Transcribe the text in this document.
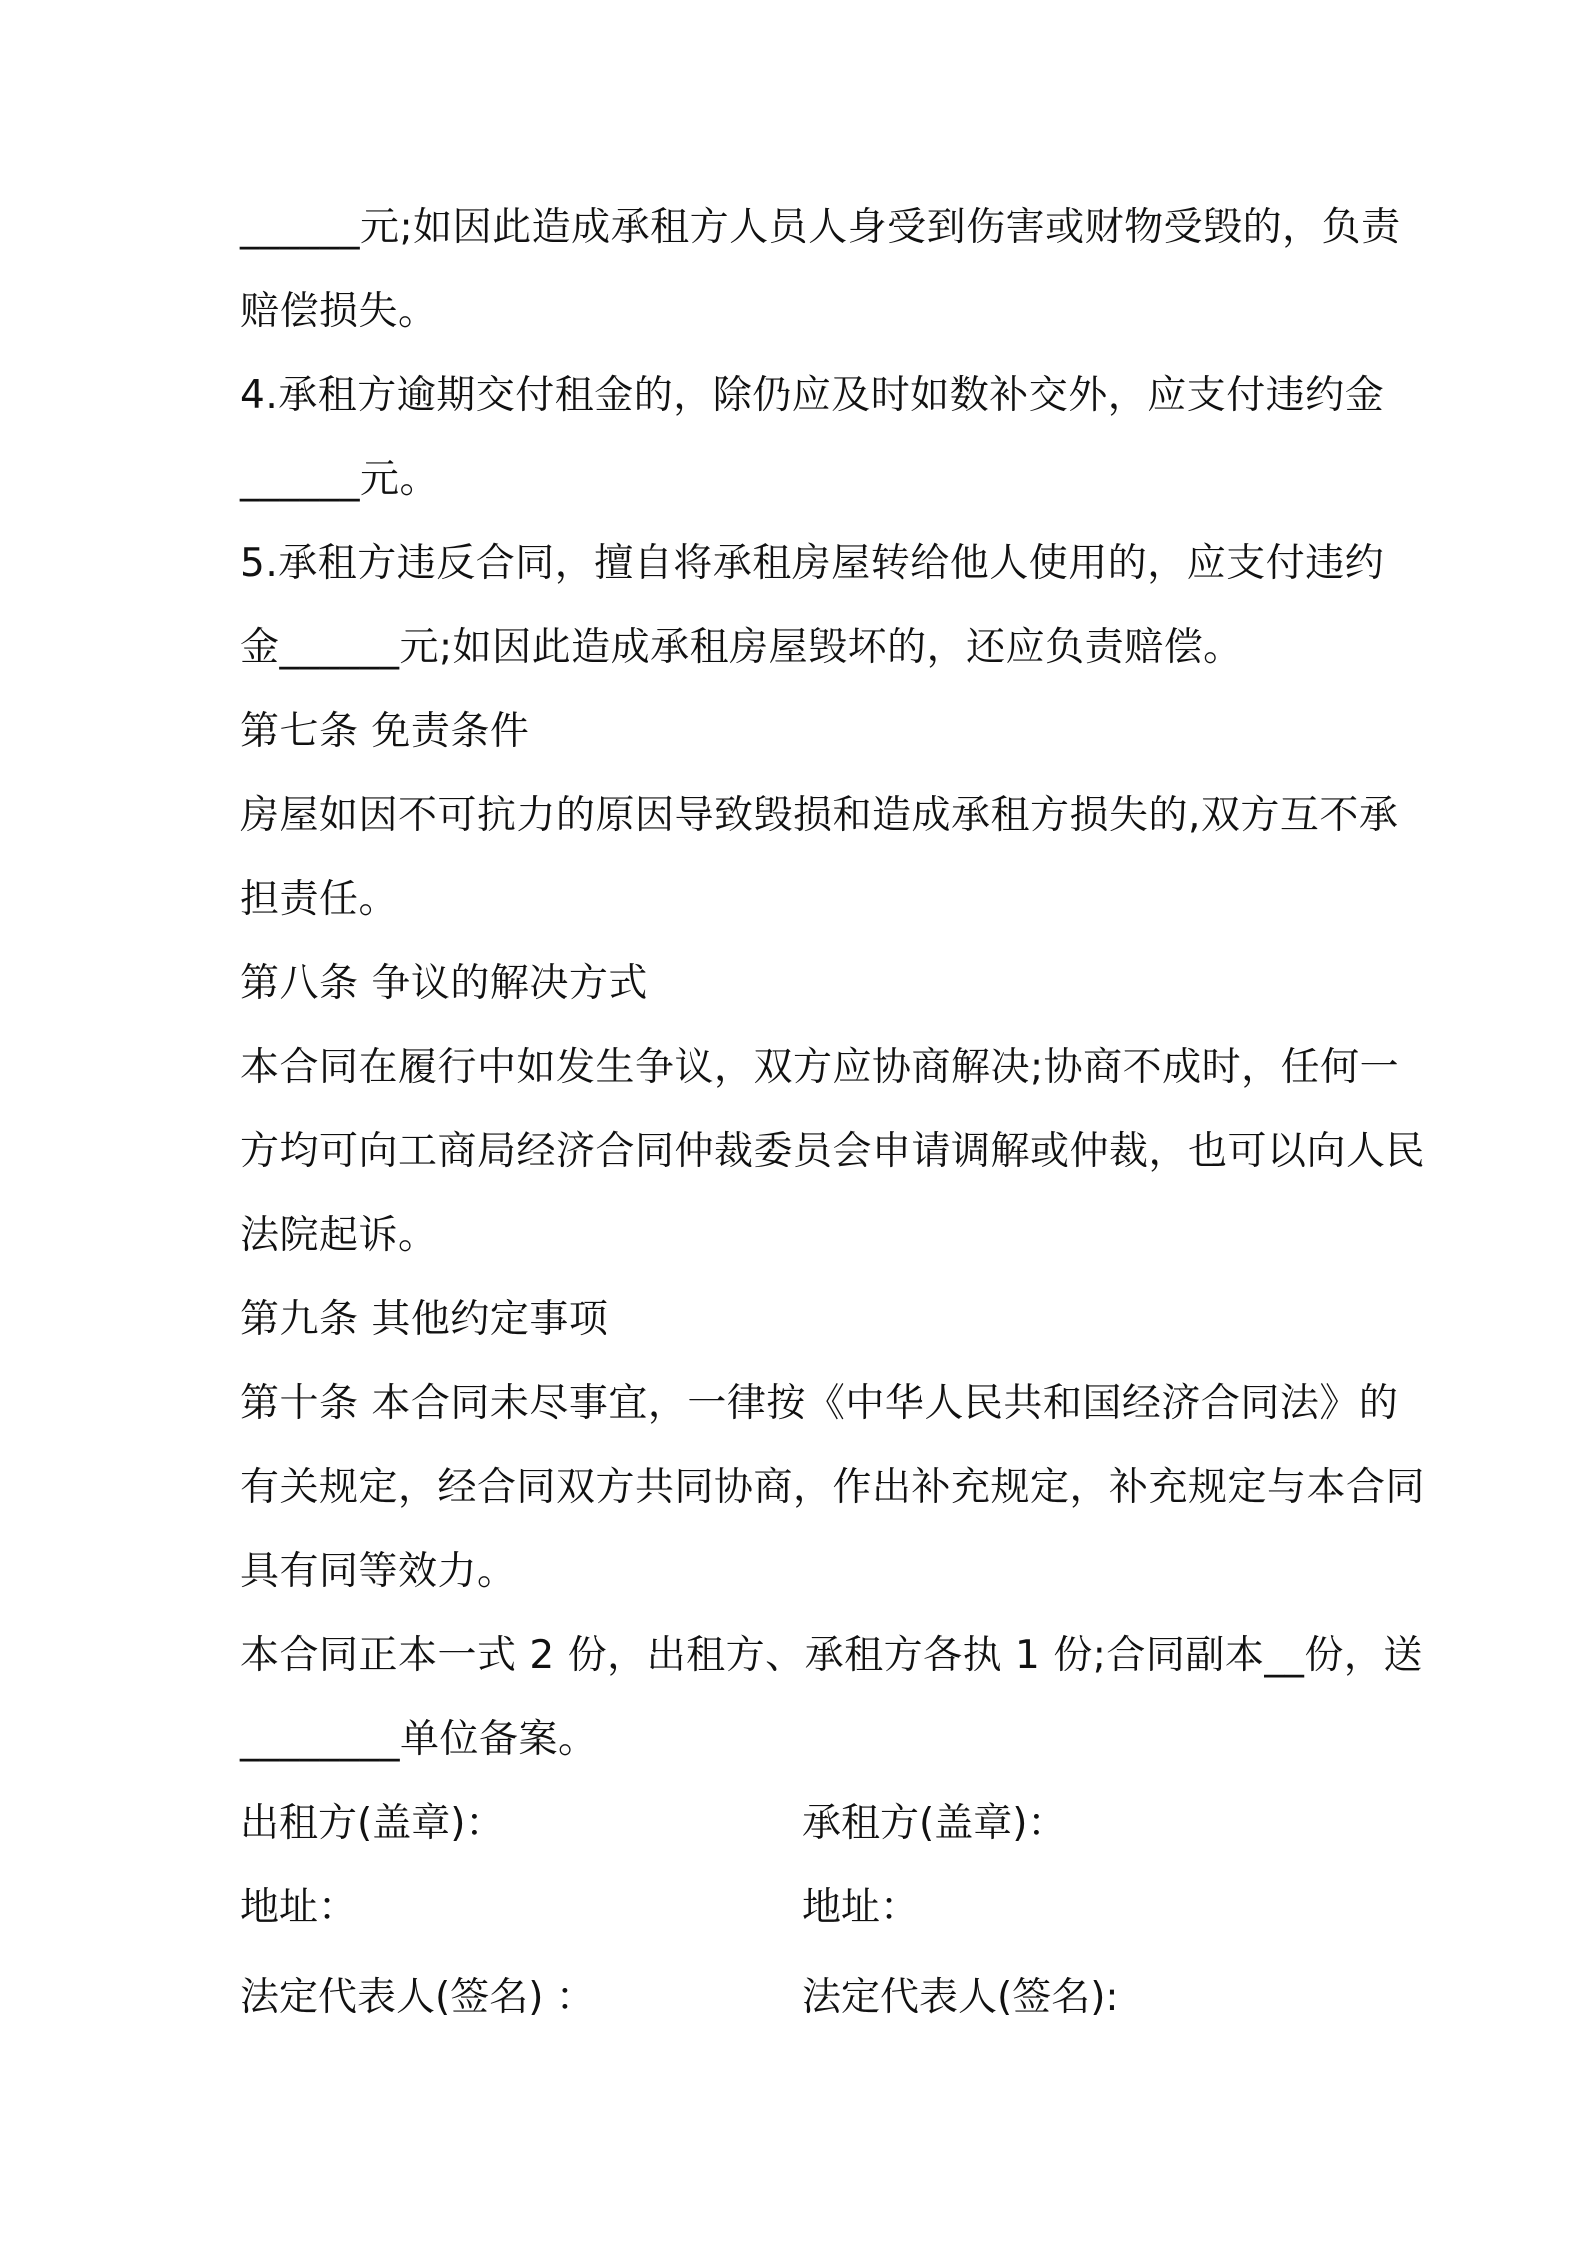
______元;如因此造成承租方人员人身受到伤害或财物受毁的，负责
赔偿损失。
4.承租方逾期交付租金的，除仍应及时如数补交外，应支付违约金
______元。
5.承租方违反合同，擅自将承租房屋转给他人使用的，应支付违约
金______元;如因此造成承租房屋毁坏的，还应负责赔偿。
第七条 免责条件
房屋如因不可抗力的原因导致毁损和造成承租方损失的,双方互不承
担责任。
第八条 争议的解决方式
本合同在履行中如发生争议，双方应协商解决;协商不成时，任何一
方均可向工商局经济合同仲裁委员会申请调解或仲裁，也可以向人民
法院起诉。
第九条 其他约定事项
第十条 本合同未尽事宜，一律按《中华人民共和国经济合同法》的
有关规定，经合同双方共同协商，作出补充规定，补充规定与本合同
具有同等效力。
本合同正本一式 2 份，出租方、承租方各执 1 份;合同副本__份，送
________单位备案。
出租方(盖章)：	承租方(盖章)：
地址：	地址：
法定代表人(签名) ：	法定代表人(签名):
